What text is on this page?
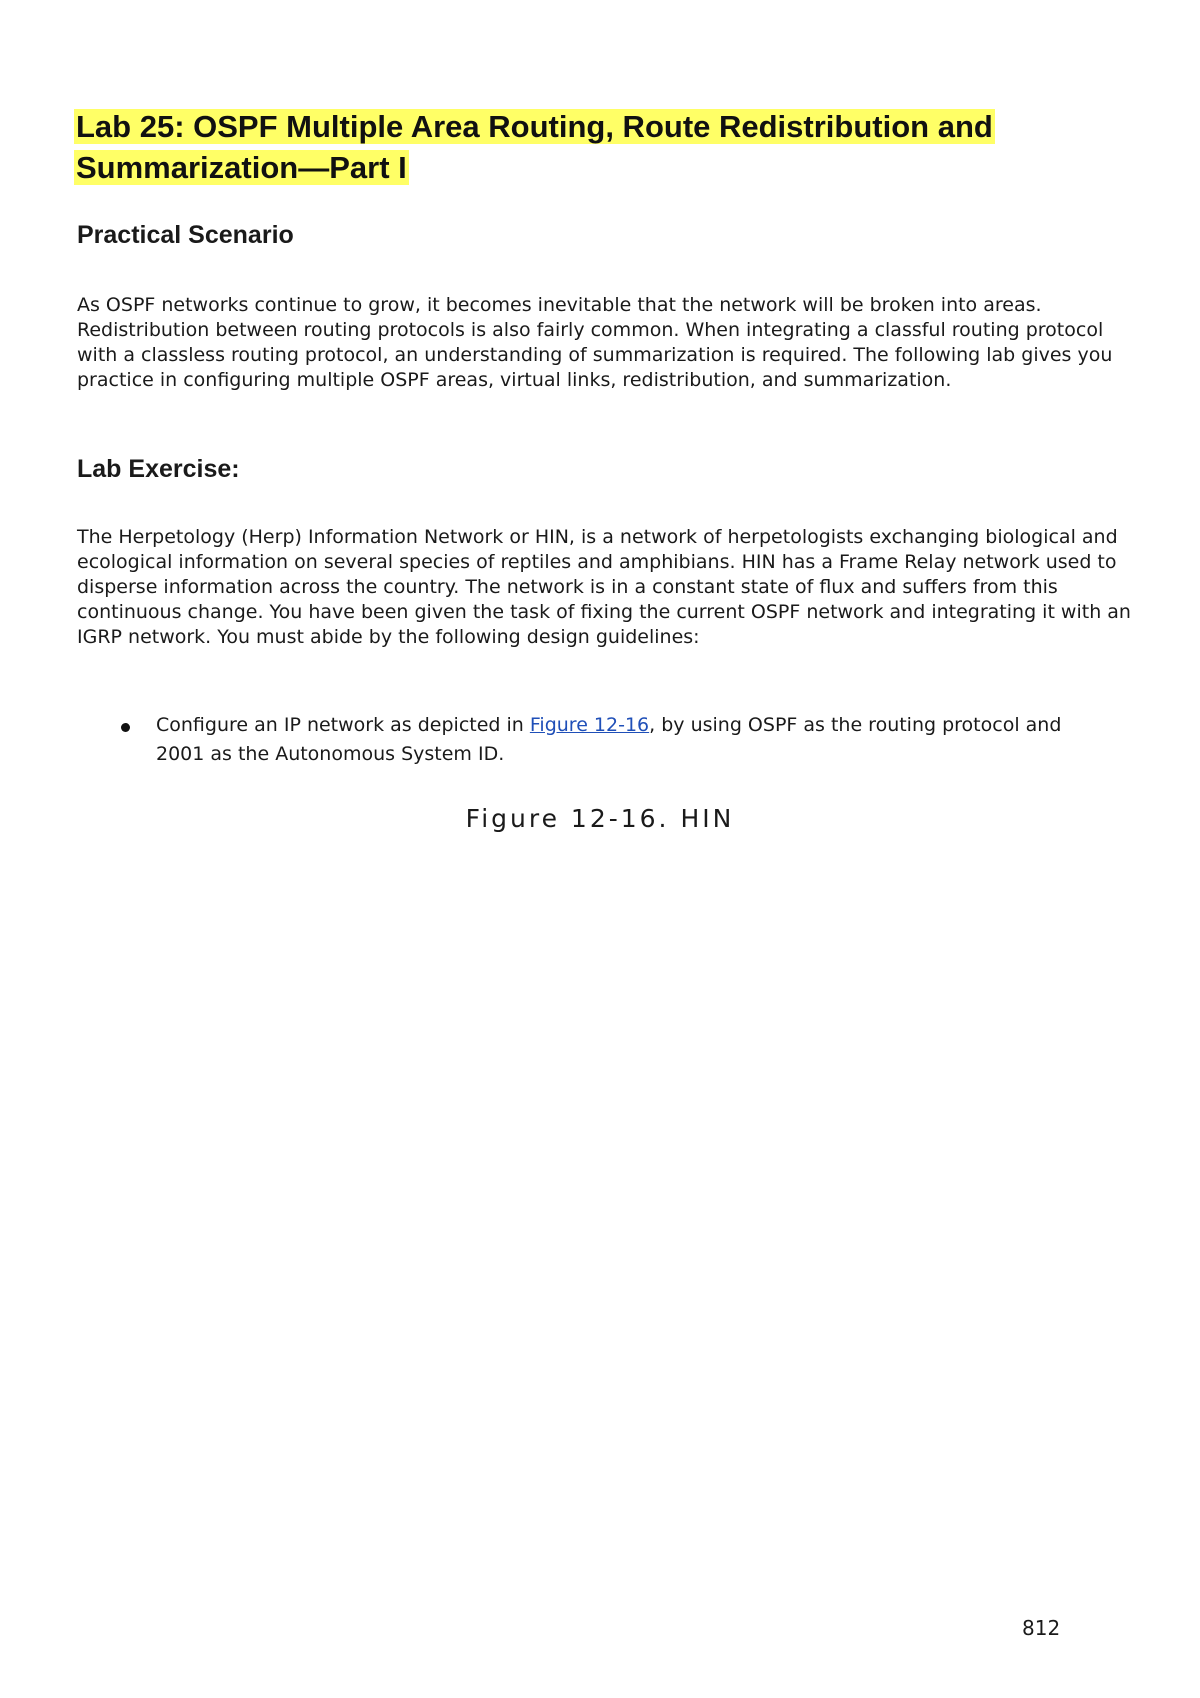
Lab 25: OSPF Multiple Area Routing, Route Redistribution and
Summarization—Part I
Practical Scenario

As OSPF networks continue to grow, it becomes inevitable that the network will be broken into areas. Redistribution between routing protocols is also fairly common. When integrating a classful routing protocol with a classless routing protocol, an understanding of summarization is required. The following lab gives you practice in configuring multiple OSPF areas, virtual links, redistribution, and summarization.

Lab Exercise:

The Herpetology (Herp) Information Network or HIN, is a network of herpetologists exchanging biological and ecological information on several species of reptiles and amphibians. HIN has a Frame Relay network used to disperse information across the country. The network is in a constant state of flux and suffers from this continuous change. You have been given the task of fixing the current OSPF network and integrating it with an IGRP network. You must abide by the following design guidelines:

Configure an IP network as depicted in Figure 12-16, by using OSPF as the routing protocol and 2001 as the Autonomous System ID.

Figure 12-16. HIN

812
